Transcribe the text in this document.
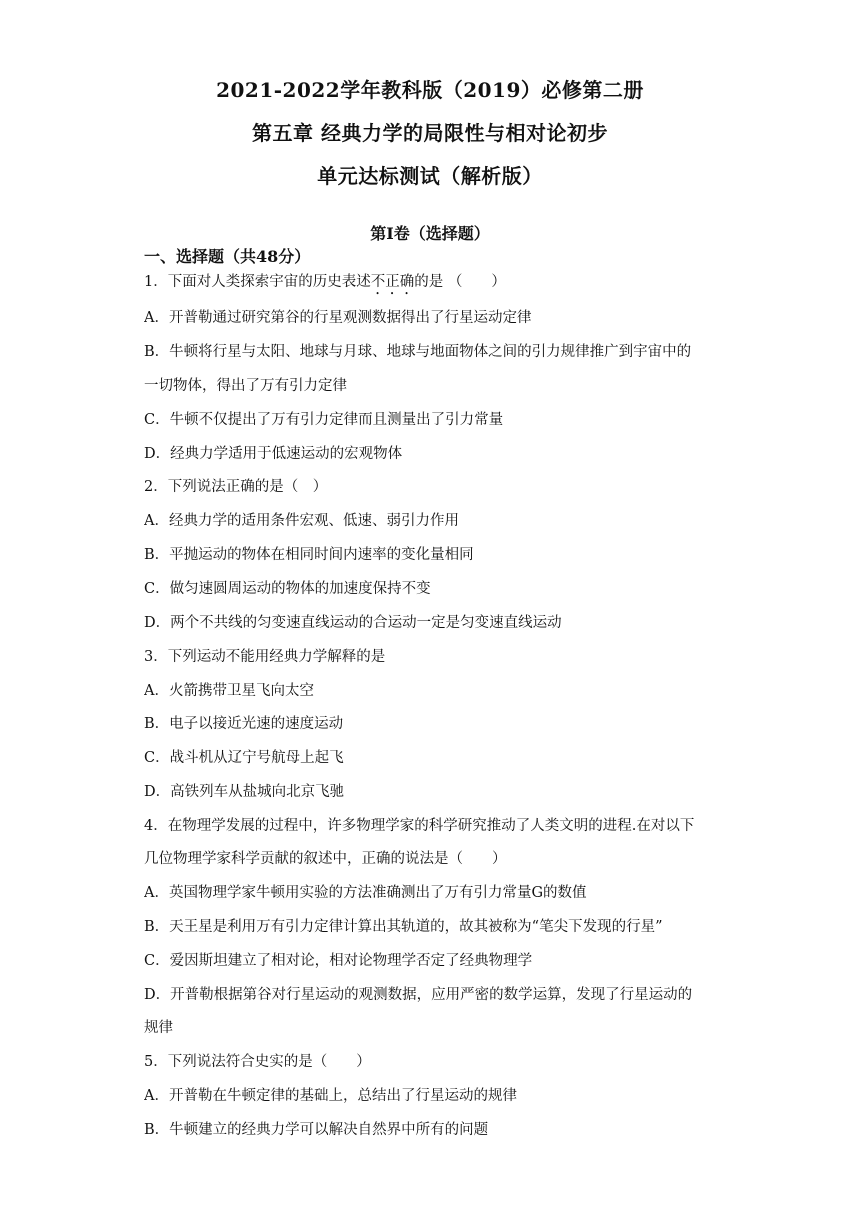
2021-2022学年教科版（2019）必修第二册
第五章 经典力学的局限性与相对论初步
单元达标测试（解析版）
第Ⅰ卷（选择题）
一、选择题（共48分）
1．下面对人类探索宇宙的历史表述不正确的是 （　　）
A．开普勒通过研究第谷的行星观测数据得出了行星运动定律
B．牛顿将行星与太阳、地球与月球、地球与地面物体之间的引力规律推广到宇宙中的
一切物体，得出了万有引力定律
C．牛顿不仅提出了万有引力定律而且测量出了引力常量
D．经典力学适用于低速运动的宏观物体
2．下列说法正确的是（　）
A．经典力学的适用条件宏观、低速、弱引力作用
B．平抛运动的物体在相同时间内速率的变化量相同
C．做匀速圆周运动的物体的加速度保持不变
D．两个不共线的匀变速直线运动的合运动一定是匀变速直线运动
3．下列运动不能用经典力学解释的是
A．火箭携带卫星飞向太空
B．电子以接近光速的速度运动
C．战斗机从辽宁号航母上起飞
D．高铁列车从盐城向北京飞驰
4．在物理学发展的过程中，许多物理学家的科学研究推动了人类文明的进程.在对以下
几位物理学家科学贡献的叙述中，正确的说法是（　　）
A．英国物理学家牛顿用实验的方法准确测出了万有引力常量G的数值
B．天王星是利用万有引力定律计算出其轨道的，故其被称为“笔尖下发现的行星”
C．爱因斯坦建立了相对论，相对论物理学否定了经典物理学
D．开普勒根据第谷对行星运动的观测数据，应用严密的数学运算，发现了行星运动的
规律
5．下列说法符合史实的是（　　）
A．开普勒在牛顿定律的基础上，总结出了行星运动的规律
B．牛顿建立的经典力学可以解决自然界中所有的问题
